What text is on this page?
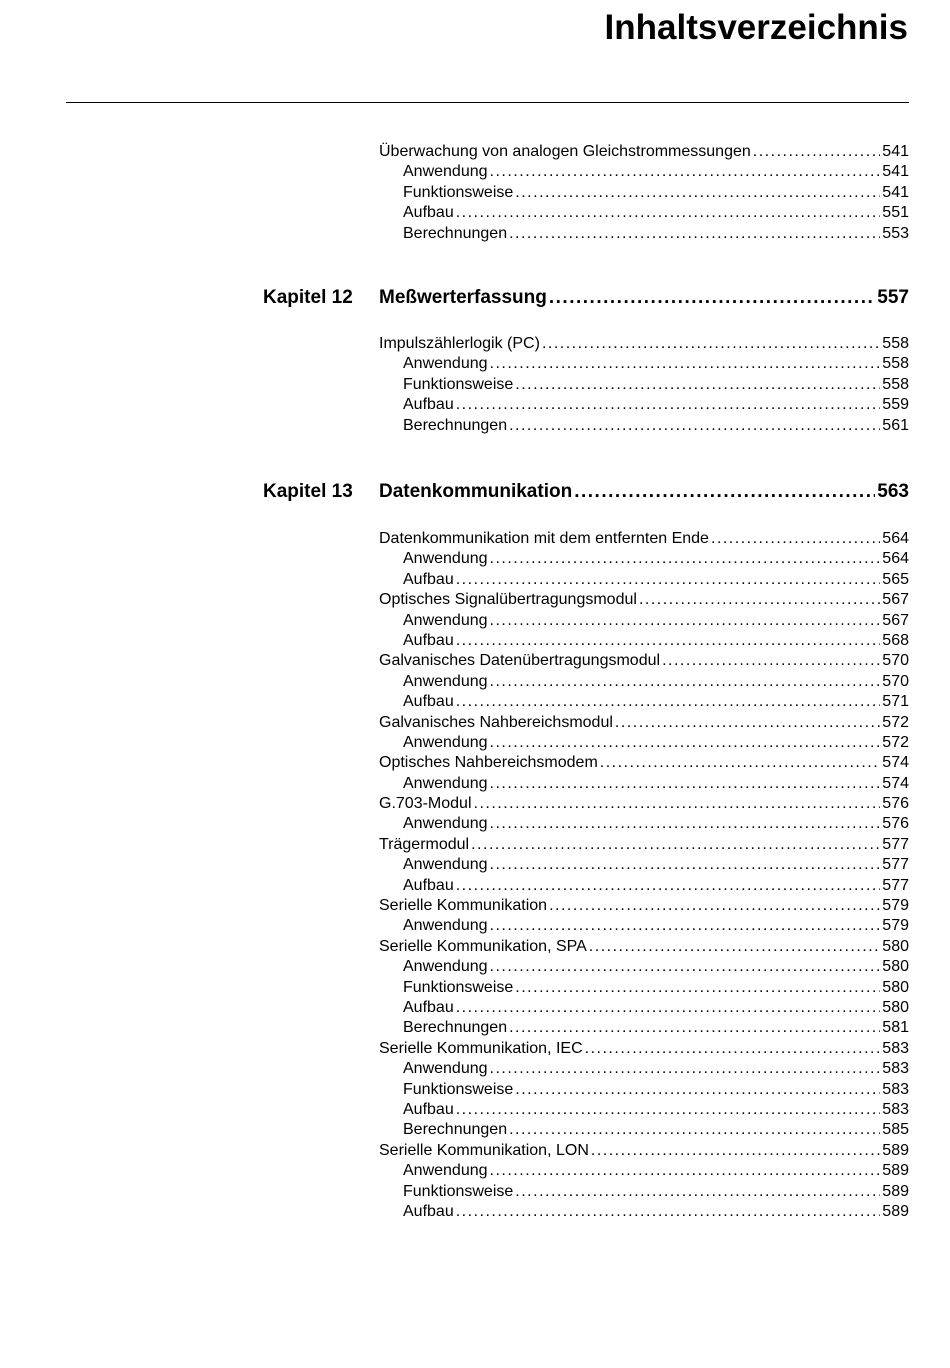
Inhaltsverzeichnis
Überwachung von analogen Gleichstrommessungen .....	541
Anwendung .....	541
Funktionsweise .....	541
Aufbau .....	551
Berechnungen .....	553
Kapitel 12 Meßwerterfassung .....	557
Impulszählerlogik (PC) .....	558
Anwendung .....	558
Funktionsweise .....	558
Aufbau .....	559
Berechnungen .....	561
Kapitel 13 Datenkommunikation .....	563
Datenkommunikation mit dem entfernten Ende .....	564
Anwendung .....	564
Aufbau .....	565
Optisches Signalübertragungsmodul .....	567
Anwendung .....	567
Aufbau .....	568
Galvanisches Datenübertragungsmodul .....	570
Anwendung .....	570
Aufbau .....	571
Galvanisches Nahbereichsmodul .....	572
Anwendung .....	572
Optisches Nahbereichsmodem .....	574
Anwendung .....	574
G.703-Modul .....	576
Anwendung .....	576
Trägermodul .....	577
Anwendung .....	577
Aufbau .....	577
Serielle Kommunikation .....	579
Anwendung .....	579
Serielle Kommunikation, SPA .....	580
Anwendung .....	580
Funktionsweise .....	580
Aufbau .....	580
Berechnungen .....	581
Serielle Kommunikation, IEC .....	583
Anwendung .....	583
Funktionsweise .....	583
Aufbau .....	583
Berechnungen .....	585
Serielle Kommunikation, LON .....	589
Anwendung .....	589
Funktionsweise .....	589
Aufbau .....	589
